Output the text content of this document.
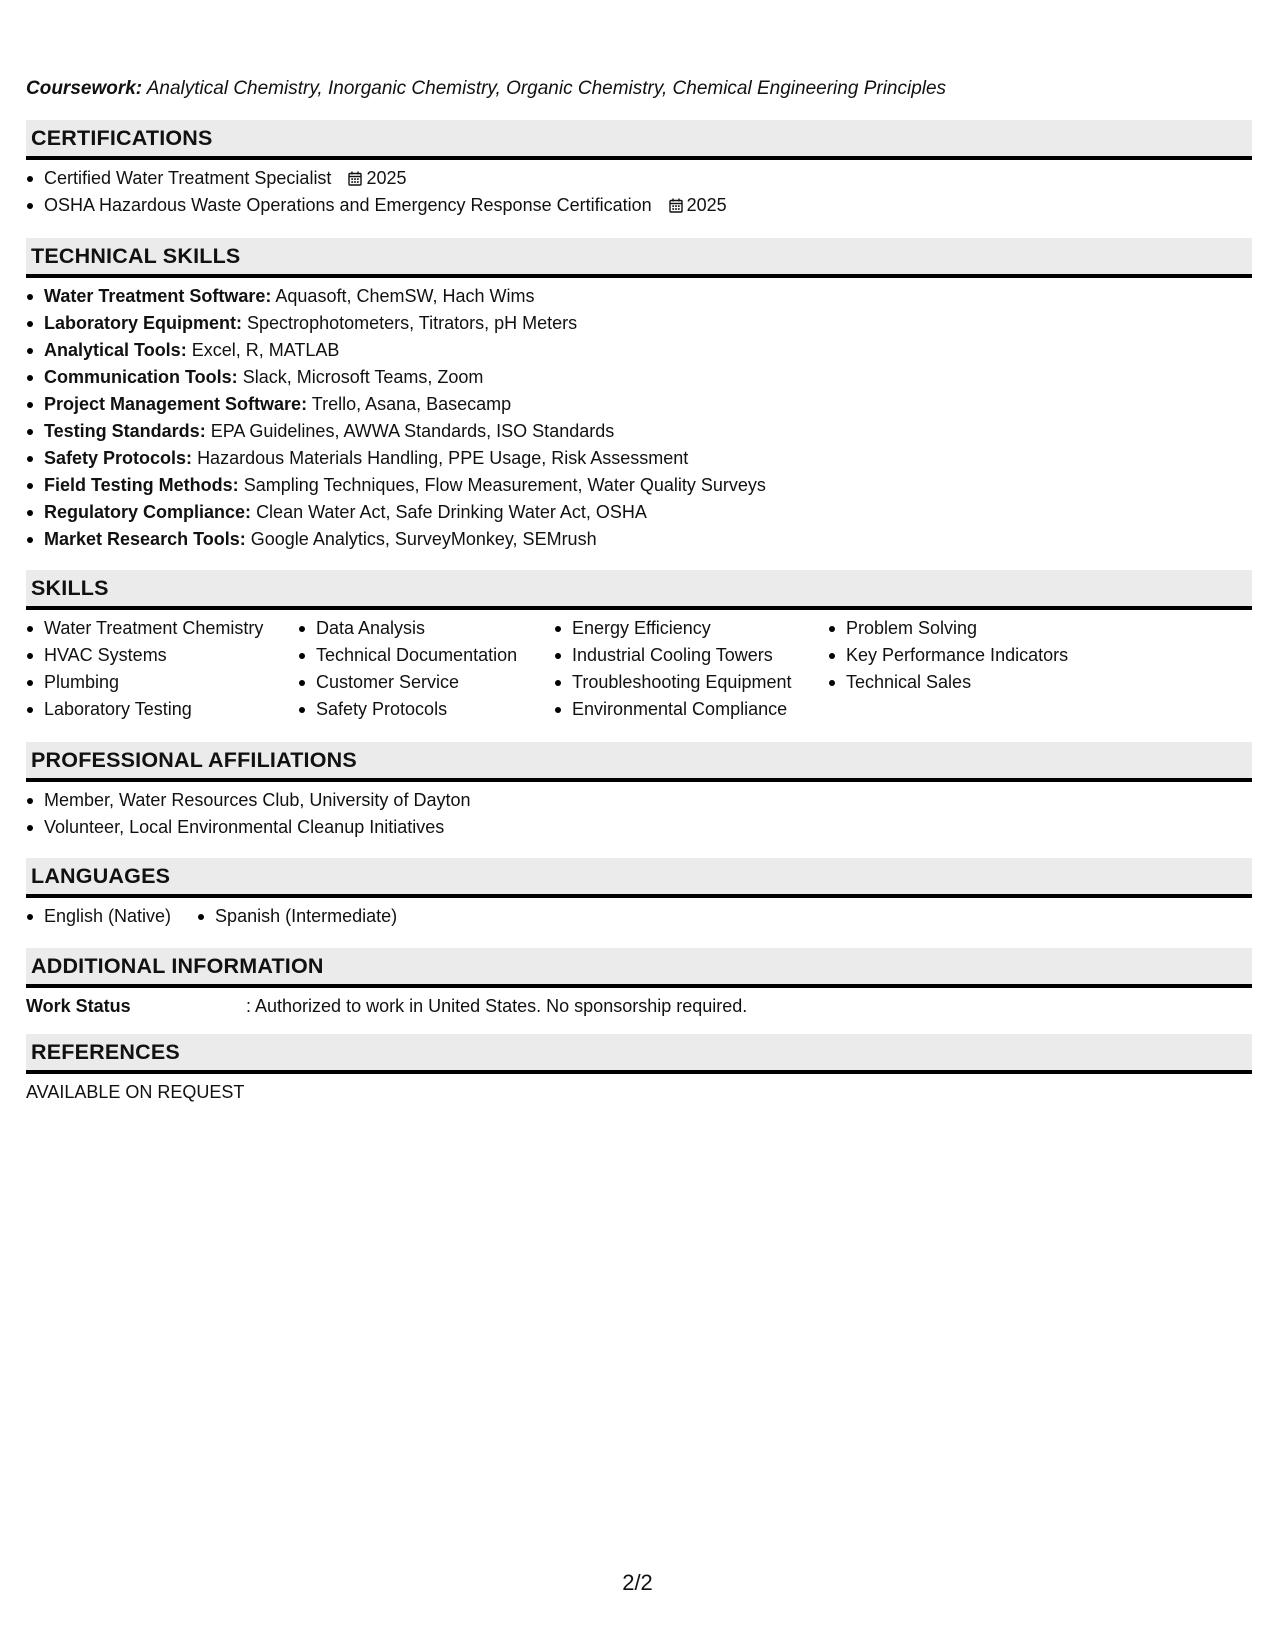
Coursework: Analytical Chemistry, Inorganic Chemistry, Organic Chemistry, Chemical Engineering Principles
CERTIFICATIONS
Certified Water Treatment Specialist 2025
OSHA Hazardous Waste Operations and Emergency Response Certification 2025
TECHNICAL SKILLS
Water Treatment Software: Aquasoft, ChemSW, Hach Wims
Laboratory Equipment: Spectrophotometers, Titrators, pH Meters
Analytical Tools: Excel, R, MATLAB
Communication Tools: Slack, Microsoft Teams, Zoom
Project Management Software: Trello, Asana, Basecamp
Testing Standards: EPA Guidelines, AWWA Standards, ISO Standards
Safety Protocols: Hazardous Materials Handling, PPE Usage, Risk Assessment
Field Testing Methods: Sampling Techniques, Flow Measurement, Water Quality Surveys
Regulatory Compliance: Clean Water Act, Safe Drinking Water Act, OSHA
Market Research Tools: Google Analytics, SurveyMonkey, SEMrush
SKILLS
Water Treatment Chemistry
HVAC Systems
Plumbing
Laboratory Testing
Data Analysis
Technical Documentation
Customer Service
Safety Protocols
Energy Efficiency
Industrial Cooling Towers
Troubleshooting Equipment
Environmental Compliance
Problem Solving
Key Performance Indicators
Technical Sales
PROFESSIONAL AFFILIATIONS
Member, Water Resources Club, University of Dayton
Volunteer, Local Environmental Cleanup Initiatives
LANGUAGES
English (Native)	Spanish (Intermediate)
ADDITIONAL INFORMATION
Work Status	: Authorized to work in United States. No sponsorship required.
REFERENCES
AVAILABLE ON REQUEST
2/2
